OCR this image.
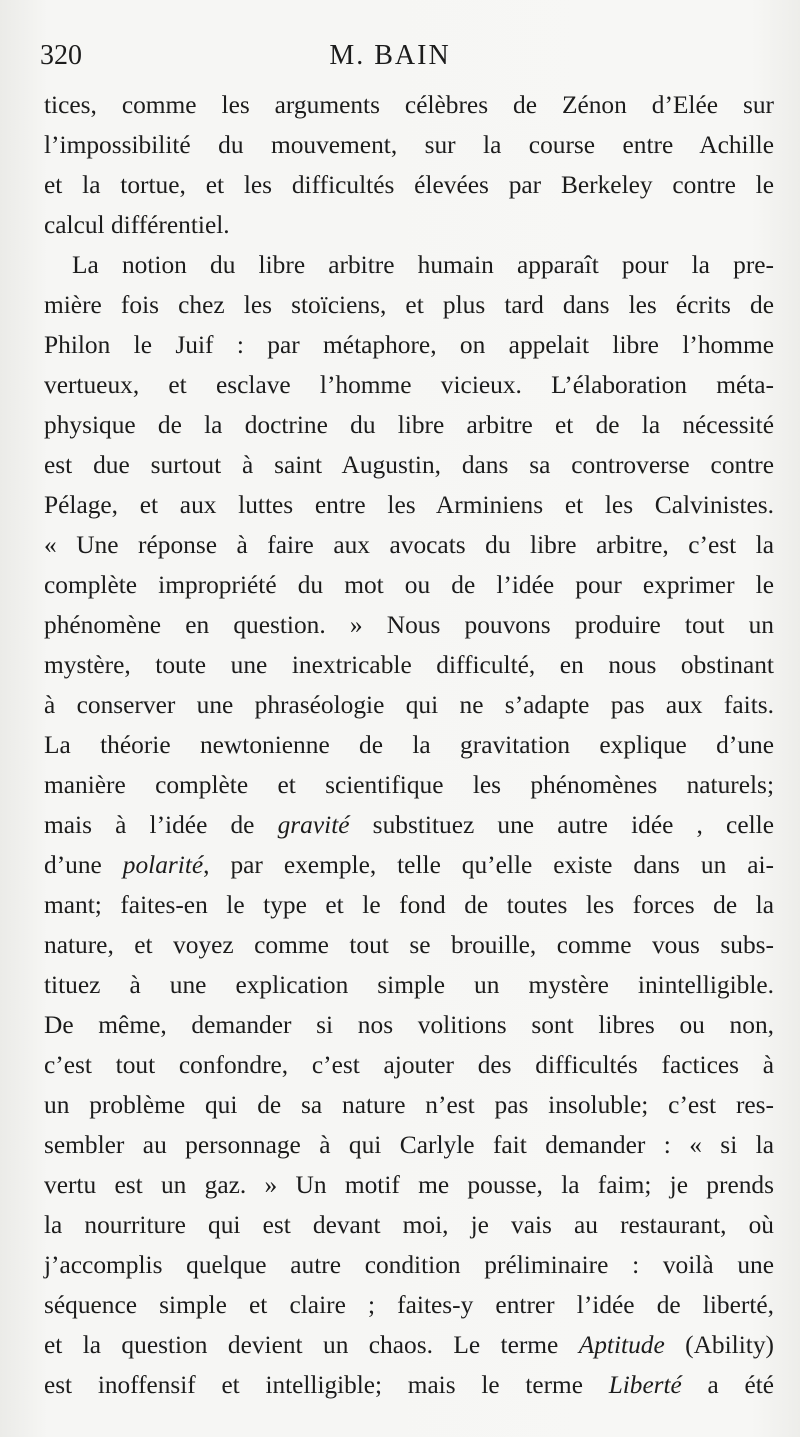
320	M. BAIN
tices, comme les arguments célèbres de Zénon d’Elée sur
l’impossibilité du mouvement, sur la course entre Achille
et la tortue, et les difficultés élevées par Berkeley contre le
calcul différentiel.
La notion du libre arbitre humain apparaît pour la pre-
mière fois chez les stoïciens, et plus tard dans les écrits de
Philon le Juif : par métaphore, on appelait libre l’homme
vertueux, et esclave l’homme vicieux. L’élaboration méta-
physique de la doctrine du libre arbitre et de la nécessité
est due surtout à saint Augustin, dans sa controverse contre
Pélage, et aux luttes entre les Arminiens et les Calvinistes.
« Une réponse à faire aux avocats du libre arbitre, c’est la
complète impropriété du mot ou de l’idée pour exprimer le
phénomène en question. » Nous pouvons produire tout un
mystère, toute une inextricable difficulté, en nous obstinant
à conserver une phraséologie qui ne s’adapte pas aux faits.
La théorie newtonienne de la gravitation explique d’une
manière complète et scientifique les phénomènes naturels;
mais à l’idée de gravité substituez une autre idée , celle
d’une polarité, par exemple, telle qu’elle existe dans un ai-
mant; faites-en le type et le fond de toutes les forces de la
nature, et voyez comme tout se brouille, comme vous subs-
tituez à une explication simple un mystère inintelligible.
De même, demander si nos volitions sont libres ou non,
c’est tout confondre, c’est ajouter des difficultés factices à
un problème qui de sa nature n’est pas insoluble; c’est res-
sembler au personnage à qui Carlyle fait demander : « si la
vertu est un gaz. » Un motif me pousse, la faim; je prends
la nourriture qui est devant moi, je vais au restaurant, où
j’accomplis quelque autre condition préliminaire : voilà une
séquence simple et claire ; faites-y entrer l’idée de liberté,
et la question devient un chaos. Le terme Aptitude (Ability)
est inoffensif et intelligible; mais le terme Liberté a été
